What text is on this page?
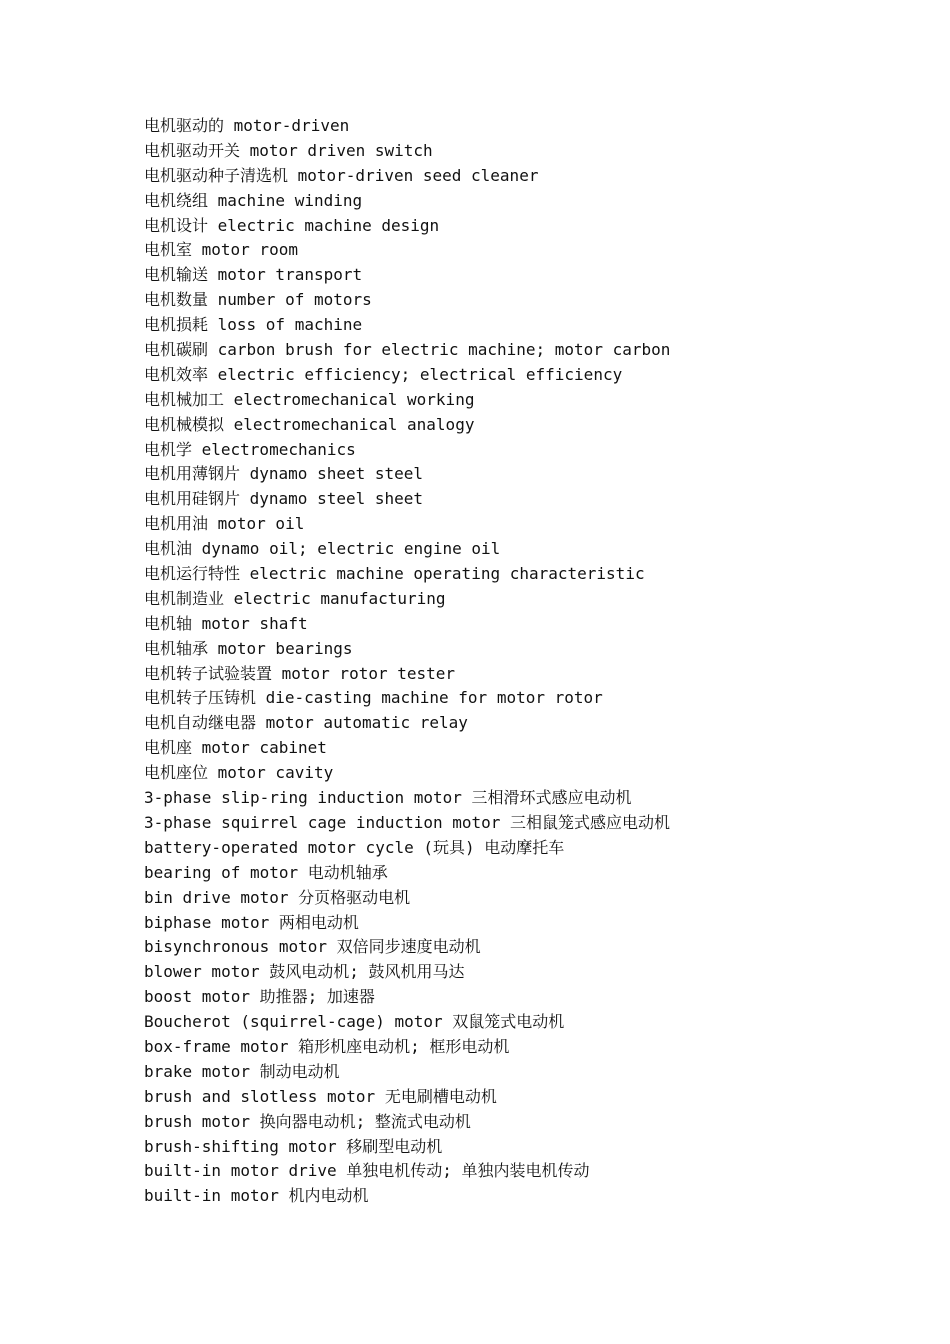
电机驱动的 motor-driven
电机驱动开关 motor driven switch
电机驱动种子清选机 motor-driven seed cleaner
电机绕组 machine winding
电机设计 electric machine design
电机室 motor room
电机输送 motor transport
电机数量 number of motors
电机损耗 loss of machine
电机碳刷 carbon brush for electric machine; motor carbon
电机效率 electric efficiency; electrical efficiency
电机械加工 electromechanical working
电机械模拟 electromechanical analogy
电机学 electromechanics
电机用薄钢片 dynamo sheet steel
电机用硅钢片 dynamo steel sheet
电机用油 motor oil
电机油 dynamo oil; electric engine oil
电机运行特性 electric machine operating characteristic
电机制造业 electric manufacturing
电机轴 motor shaft
电机轴承 motor bearings
电机转子试验装置 motor rotor tester
电机转子压铸机 die-casting machine for motor rotor
电机自动继电器 motor automatic relay
电机座 motor cabinet
电机座位 motor cavity
3-phase slip-ring induction motor 三相滑环式感应电动机
3-phase squirrel cage induction motor 三相鼠笼式感应电动机
battery-operated motor cycle (玩具) 电动摩托车
bearing of motor 电动机轴承
bin drive motor 分页格驱动电机
biphase motor 两相电动机
bisynchronous motor 双倍同步速度电动机
blower motor 鼓风电动机; 鼓风机用马达
boost motor 助推器; 加速器
Boucherot (squirrel-cage) motor 双鼠笼式电动机
box-frame motor 箱形机座电动机; 框形电动机
brake motor 制动电动机
brush and slotless motor 无电刷槽电动机
brush motor 换向器电动机; 整流式电动机
brush-shifting motor 移刷型电动机
built-in motor drive 单独电机传动; 单独内装电机传动
built-in motor 机内电动机
